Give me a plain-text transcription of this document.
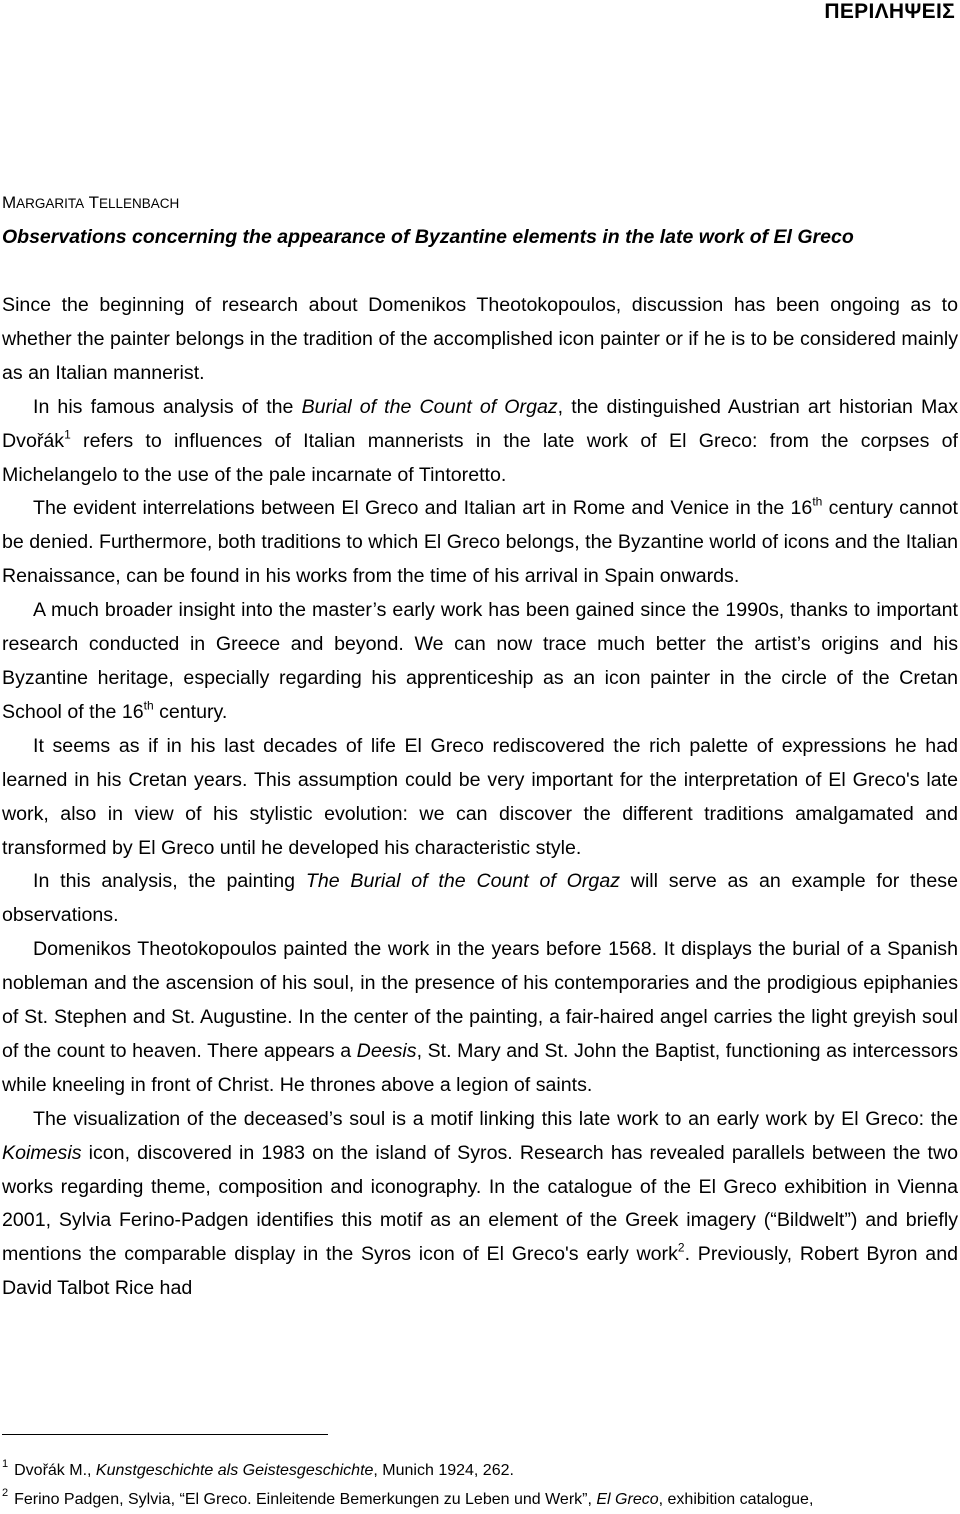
ΠΕΡΙΛΗΨΕΙΣ
MARGARITA TELLENBACH
Observations concerning the appearance of Byzantine elements in the late work of El Greco

Since the beginning of research about Domenikos Theotokopoulos, discussion has been ongoing as to whether the painter belongs in the tradition of the accomplished icon painter or if he is to be considered mainly as an Italian mannerist.

In his famous analysis of the Burial of the Count of Orgaz, the distinguished Austrian art historian Max Dvořák$^1$ refers to influences of Italian mannerists in the late work of El Greco: from the corpses of Michelangelo to the use of the pale incarnate of Tintoretto.

The evident interrelations between El Greco and Italian art in Rome and Venice in the 16th century cannot be denied. Furthermore, both traditions to which El Greco belongs, the Byzantine world of icons and the Italian Renaissance, can be found in his works from the time of his arrival in Spain onwards.

A much broader insight into the master’s early work has been gained since the 1990s, thanks to important research conducted in Greece and beyond. We can now trace much better the artist’s origins and his Byzantine heritage, especially regarding his apprenticeship as an icon painter in the circle of the Cretan School of the 16th century.

It seems as if in his last decades of life El Greco rediscovered the rich palette of expressions he had learned in his Cretan years. This assumption could be very important for the interpretation of El Greco's late work, also in view of his stylistic evolution: we can discover the different traditions amalgamated and transformed by El Greco until he developed his characteristic style.

In this analysis, the painting The Burial of the Count of Orgaz will serve as an example for these observations.

Domenikos Theotokopoulos painted the work in the years before 1568. It displays the burial of a Spanish nobleman and the ascension of his soul, in the presence of his contemporaries and the prodigious epiphanies of St. Stephen and St. Augustine. In the center of the painting, a fair-haired angel carries the light greyish soul of the count to heaven. There appears a Deesis, St. Mary and St. John the Baptist, functioning as intercessors while kneeling in front of Christ. He thrones above a legion of saints.

The visualization of the deceased’s soul is a motif linking this late work to an early work by El Greco: the Koimesis icon, discovered in 1983 on the island of Syros. Research has revealed parallels between the two works regarding theme, composition and iconography. In the catalogue of the El Greco exhibition in Vienna 2001, Sylvia Ferino-Padgen identifies this motif as an element of the Greek imagery (“Bildwelt”) and briefly mentions the comparable display in the Syros icon of El Greco's early work$^2$. Previously, Robert Byron and David Talbot Rice had

$^1$ Dvořák M., Kunstgeschichte als Geistesgeschichte, Munich 1924, 262.
$^2$ Ferino Padgen, Sylvia, “El Greco. Einleitende Bemerkungen zu Leben und Werk”, El Greco, exhibition catalogue,
